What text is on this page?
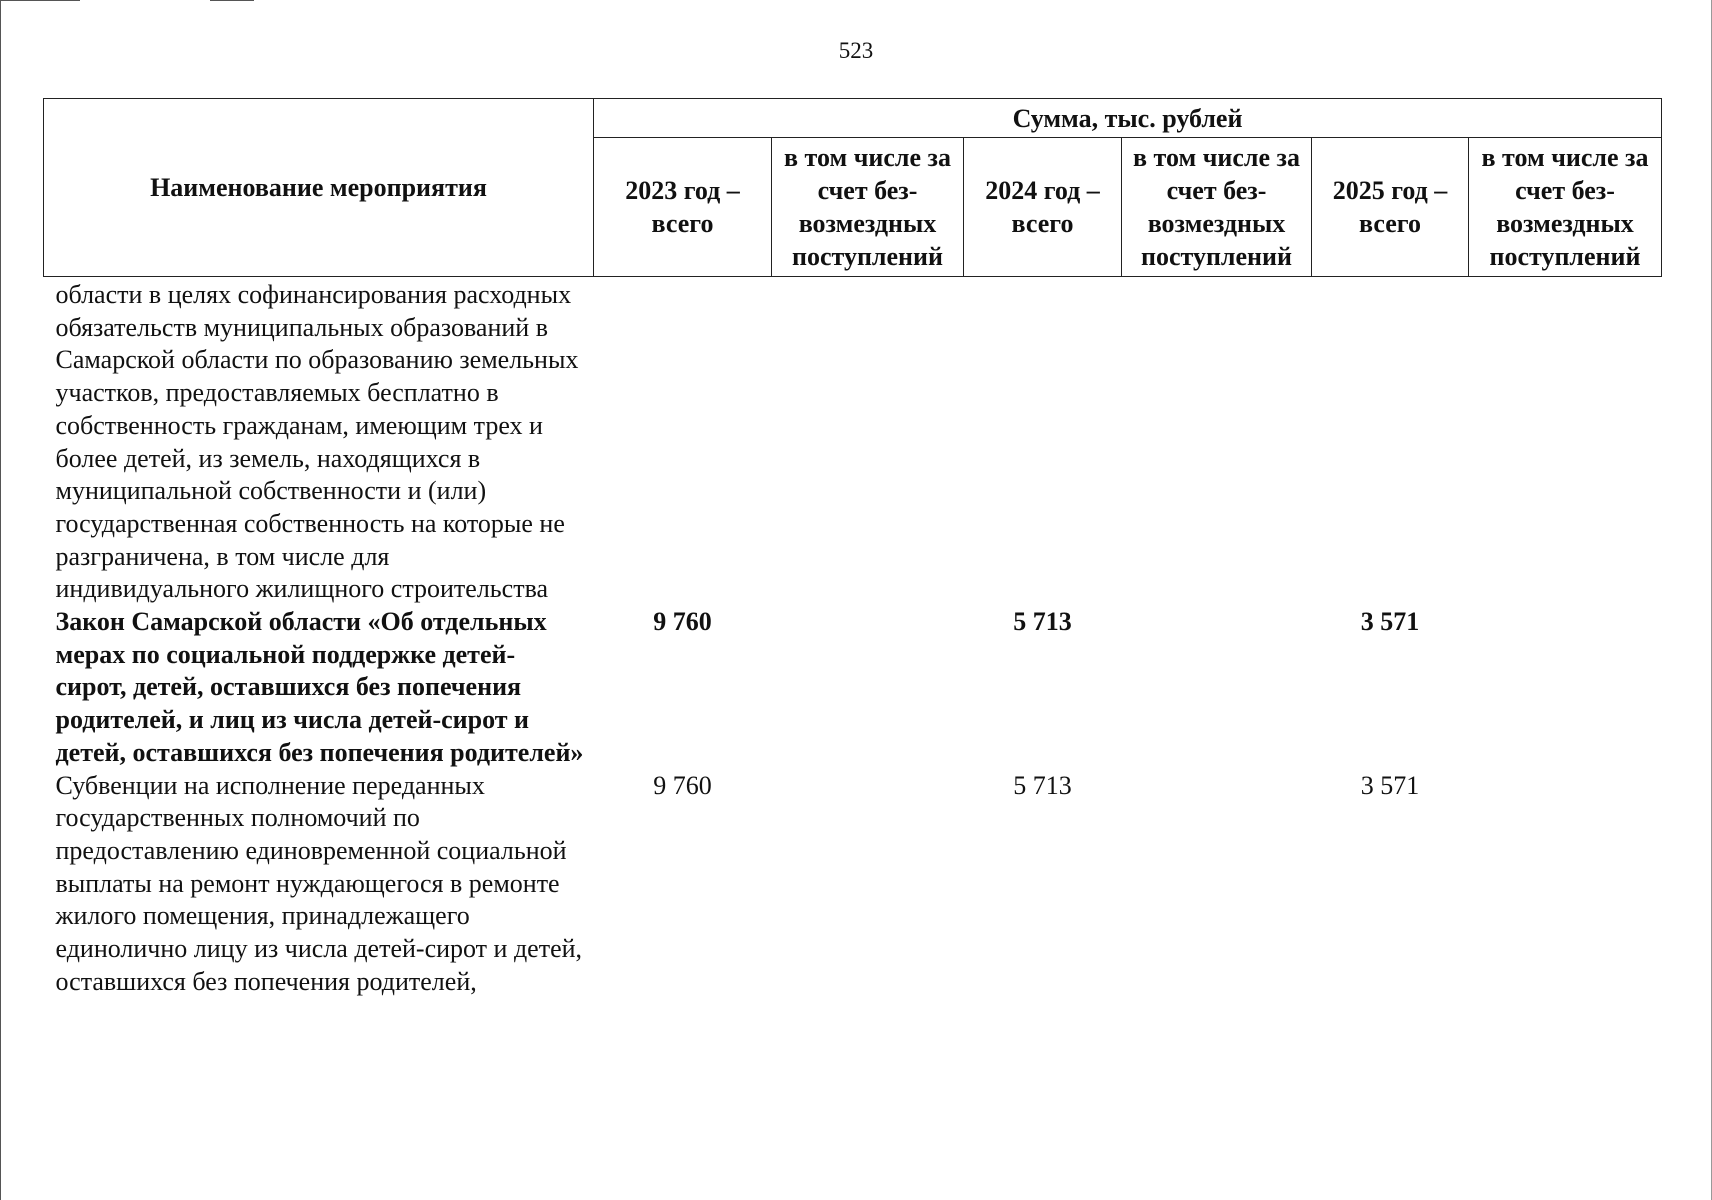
523
Наименование мероприятия	Сумма, тыс. рублей					
	2023 год – всего	в том числе за счет без-возмездных поступлений	2024 год – всего	в том числе за счет без-возмездных поступлений	2025 год – всего	в том числе за счет без-возмездных поступлений
области в целях софинансирования расходных обязательств муниципальных образований в Самарской области по образованию земельных участков, предоставляемых бесплатно в собственность гражданам, имеющим трех и более детей, из земель, находящихся в муниципальной собственности и (или) государственная собственность на которые не разграничена, в том числе для индивидуального жилищного строительства						
Закон Самарской области «Об отдельных мерах по социальной поддержке детей-сирот, детей, оставшихся без попечения родителей, и лиц из числа детей-сирот и детей, оставшихся без попечения родителей»	9 760		5 713		3 571	
Субвенции на исполнение переданных государственных полномочий по предоставлению единовременной социальной выплаты на ремонт нуждающегося в ремонте жилого помещения, принадлежащего единолично лицу из числа детей-сирот и детей, оставшихся без попечения родителей,	9 760		5 713		3 571	
